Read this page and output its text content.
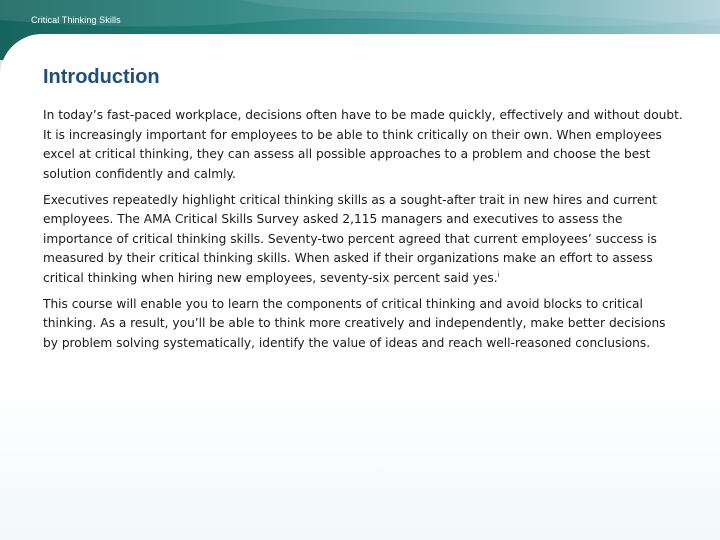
Critical Thinking Skills
Introduction

In today’s fast-paced workplace, decisions often have to be made quickly, effectively and without doubt. It is increasingly important for employees to be able to think critically on their own. When employees excel at critical thinking, they can assess all possible approaches to a problem and choose the best solution confidently and calmly.

Executives repeatedly highlight critical thinking skills as a sought-after trait in new hires and current employees. The AMA Critical Skills Survey asked 2,115 managers and executives to assess the importance of critical thinking skills. Seventy-two percent agreed that current employees’ success is measured by their critical thinking skills. When asked if their organizations make an effort to assess critical thinking when hiring new employees, seventy-six percent said yes.$^i$

This course will enable you to learn the components of critical thinking and avoid blocks to critical thinking. As a result, you’ll be able to think more creatively and independently, make better decisions by problem solving systematically, identify the value of ideas and reach well-reasoned conclusions.
